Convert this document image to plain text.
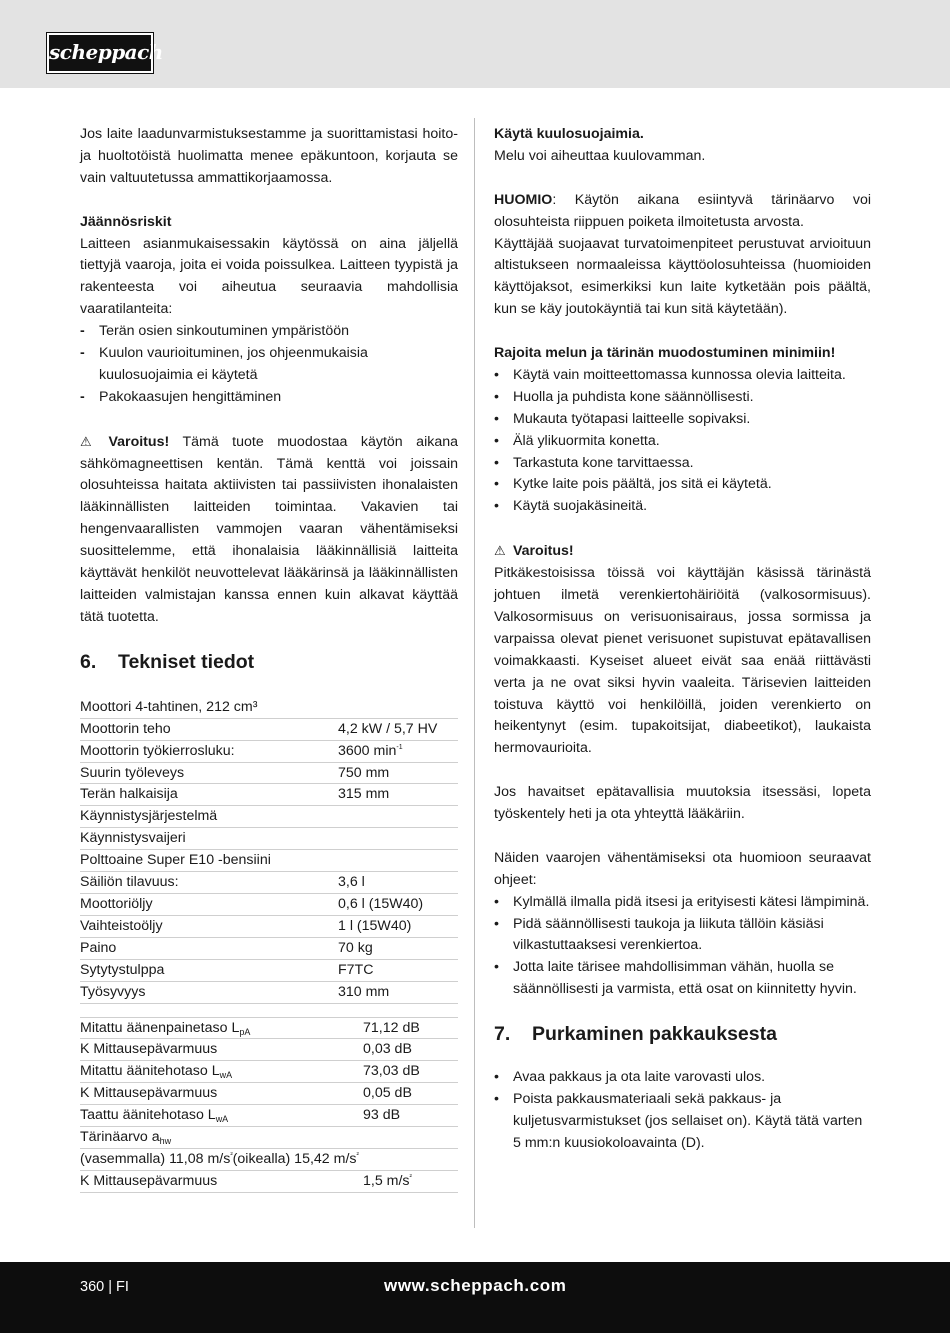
scheppach

Jos laite laadunvarmistuksestamme ja suorittamistasi hoito- ja huoltotöistä huolimatta menee epäkuntoon, korjauta se vain valtuutetussa ammattikorjaamossa.

Jäännösriskit

Laitteen asianmukaisessakin käytössä on aina jäljellä tiettyjä vaaroja, joita ei voida poissulkea. Laitteen tyypistä ja rakenteesta voi aiheutua seuraavia mahdollisia vaaratilanteita:

- Terän osien sinkoutuminen ympäristöön
- Kuulon vaurioituminen, jos ohjeenmukaisia kuulosuojaimia ei käytetä
- Pakokaasujen hengittäminen

⚠ Varoitus! Tämä tuote muodostaa käytön aikana sähkömagneettisen kentän. Tämä kenttä voi joissain olosuhteissa haitata aktiivisten tai passiivisten ihonalaisten lääkinnällisten laitteiden toimintaa. Vakavien tai hengenvaarallisten vammojen vaaran vähentämiseksi suosittelemme, että ihonalaisia lääkinnällisiä laitteita käyttävät henkilöt neuvottelevat lääkärinsä ja lääkinnällisten laitteiden valmistajan kanssa ennen kuin alkavat käyttää tätä tuotetta.

6. Tekniset tiedot
Moottori 4-tahtinen, 212 cm³	
Moottorin teho	4,2 kW / 5,7 HV
Moottorin työkierrosluku:	3600 $\min^{-1}$
Suurin työleveys	750 mm
Terän halkaisija	315 mm
Käynnistysjärjestelmä	
Käynnistysvaijeri	
Polttoaine Super E10 -bensiini	
Säiliön tilavuus:	3,6 l
Moottoriöljy	0,6 l (15W40)
Vaihteistoöljy	1 l (15W40)
Paino	70 kg
Sytytystulppa	F7TC
Työsyvyys	310 mm
Mitattu äänenpainetaso $L_{pA}$	71,12 dB
K Mittausepävarmuus	0,03 dB
Mitattu äänitehotaso $L_{wA}$	73,03 dB
K Mittausepävarmuus	0,05 dB
Taattu äänitehotaso $L_{wA}$	93 dB
Tärinäarvo $a_{hw}$
(vasemmalla) 11,08 $m/s^{^2}(oikealla)$ 15,42 $m/s^{^2}$
K Mittausepävarmuus	1,5 $m/s^{^2}$

Käytä kuulosuojaimia.

Melu voi aiheuttaa kuulovamman.

HUOMIO: Käytön aikana esiintyvä tärinäarvo voi olosuhteista riippuen poiketa ilmoitetusta arvosta.

Käyttäjää suojaavat turvatoimenpiteet perustuvat arvioituun altistukseen normaaleissa käyttöolosuhteissa (huomioiden käyttöjaksot, esimerkiksi kun laite kytketään pois päältä, kun se käy joutokäyntiä tai kun sitä käytetään).

Rajoita melun ja tärinän muodostuminen minimiin!

• Käytä vain moitteettomassa kunnossa olevia laitteita.
• Huolla ja puhdista kone säännöllisesti.
• Mukauta työtapasi laitteelle sopivaksi.
• Älä ylikuormita konetta.
• Tarkastuta kone tarvittaessa.
• Kytke laite pois päältä, jos sitä ei käytetä.
• Käytä suojakäsineitä.

⚠ Varoitus!

Pitkäkestoisissa töissä voi käyttäjän käsissä tärinästä johtuen ilmetä verenkiertohäiriöitä (valkosormisuus). Valkosormisuus on verisuonisairaus, jossa sormissa ja varpaissa olevat pienet verisuonet supistuvat epätavallisen voimakkaasti. Kyseiset alueet eivät saa enää riittävästi verta ja ne ovat siksi hyvin vaaleita. Tärisevien laitteiden toistuva käyttö voi henkilöillä, joiden verenkierto on heikentynyt (esim. tupakoitsijat, diabeetikot), laukaista hermovaurioita.

Jos havaitset epätavallisia muutoksia itsessäsi, lopeta työskentely heti ja ota yhteyttä lääkäriin.

Näiden vaarojen vähentämiseksi ota huomioon seuraavat ohjeet:

• Kylmällä ilmalla pidä itsesi ja erityisesti kätesi lämpiminä.
• Pidä säännöllisesti taukoja ja liikuta tällöin käsiäsi vilkastuttaaksesi verenkiertoa.
• Jotta laite tärisee mahdollisimman vähän, huolla se säännöllisesti ja varmista, että osat on kiinnitetty hyvin.
7. Purkaminen pakkauksesta
• Avaa pakkaus ja ota laite varovasti ulos.
• Poista pakkausmateriaali sekä pakkaus- ja kuljetusvarmistukset (jos sellaiset on). Käytä tätä varten 5 mm:n kuusiokoloavainta (D).
360 | FI	www.scheppach.com
